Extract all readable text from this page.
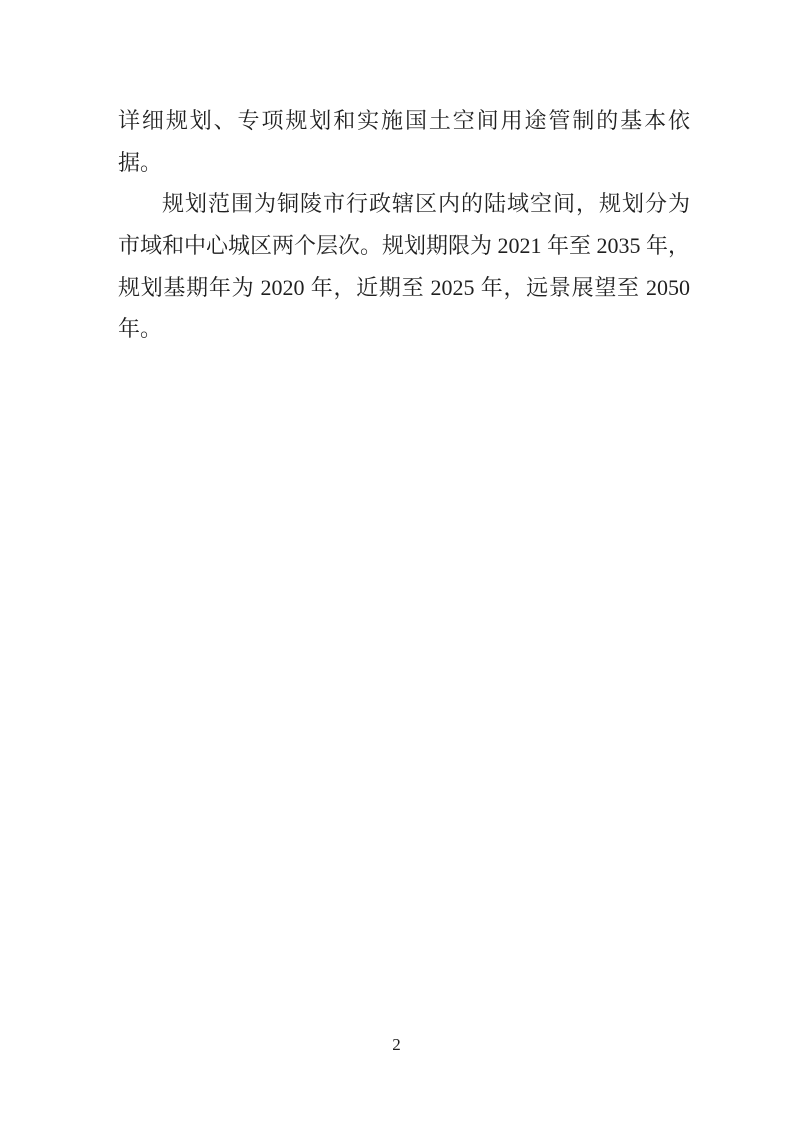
详细规划、专项规划和实施国土空间用途管制的基本依
据。
规划范围为铜陵市行政辖区内的陆域空间，规划分为
市域和中心城区两个层次。规划期限为 2021 年至 2035 年，
规划基期年为 2020 年，近期至 2025 年，远景展望至 2050
年。
2
